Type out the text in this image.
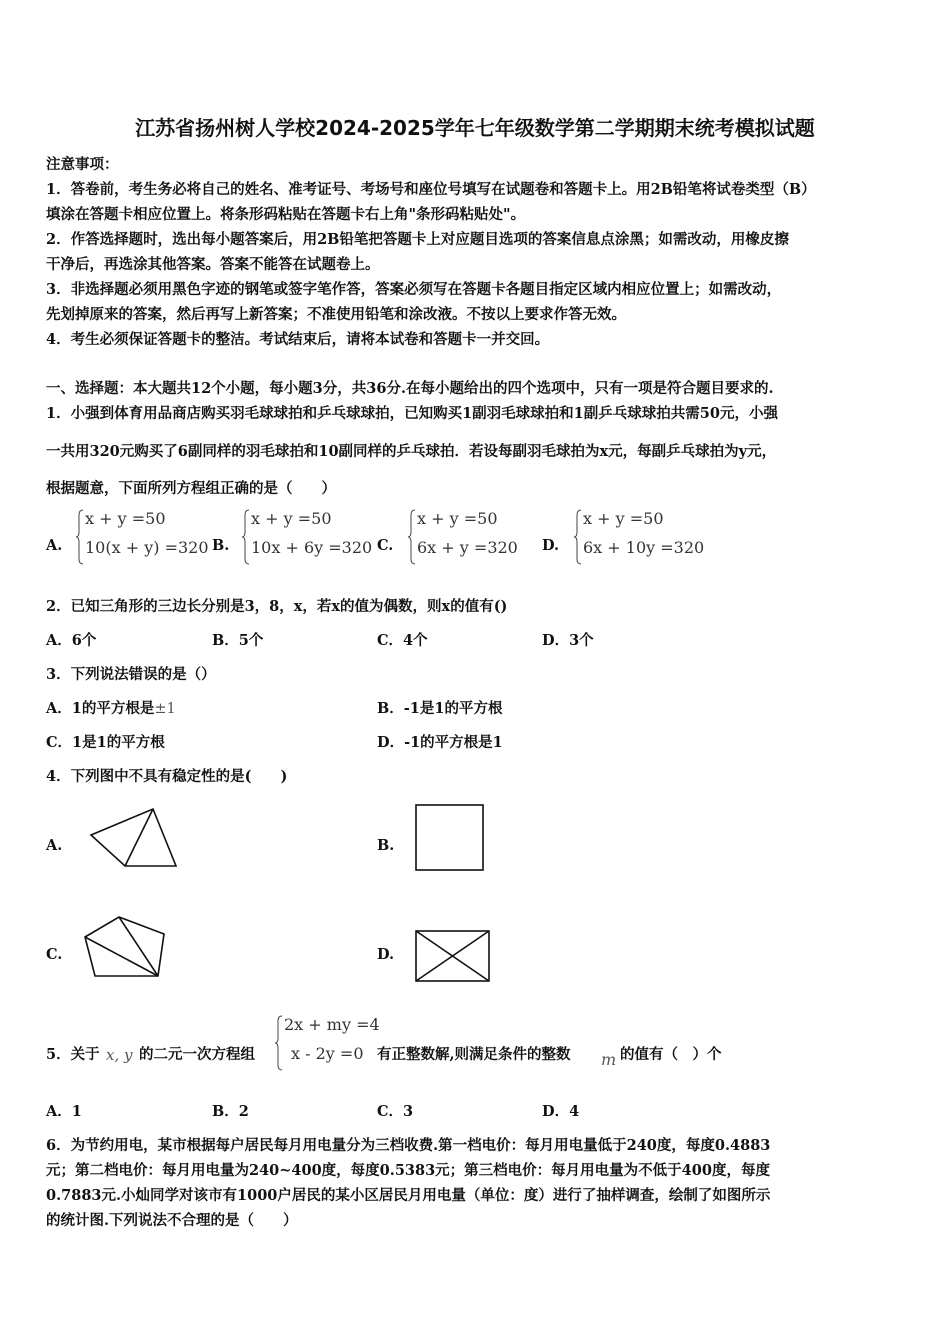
江苏省扬州树人学校2024-2025学年七年级数学第二学期期末统考模拟试题
注意事项：
1．答卷前，考生务必将自己的姓名、准考证号、考场号和座位号填写在试题卷和答题卡上。用2B铅笔将试卷类型（B）
填涂在答题卡相应位置上。将条形码粘贴在答题卡右上角"条形码粘贴处"。
2．作答选择题时，选出每小题答案后，用2B铅笔把答题卡上对应题目选项的答案信息点涂黑；如需改动，用橡皮擦
干净后，再选涂其他答案。答案不能答在试题卷上。
3．非选择题必须用黑色字迹的钢笔或签字笔作答，答案必须写在答题卡各题目指定区域内相应位置上；如需改动，
先划掉原来的答案，然后再写上新答案；不准使用铅笔和涂改液。不按以上要求作答无效。
4．考生必须保证答题卡的整洁。考试结束后，请将本试卷和答题卡一并交回。
一、选择题：本大题共12个小题，每小题3分，共36分.在每小题给出的四个选项中，只有一项是符合题目要求的.
1．小强到体育用品商店购买羽毛球球拍和乒乓球球拍，已知购买1副羽毛球球拍和1副乒乓球球拍共需50元，小强
一共用320元购买了6副同样的羽毛球拍和10副同样的乒乓球拍．若设每副羽毛球拍为x元，每副乒乓球拍为y元，
根据题意，下面所列方程组正确的是（　　）
A.
x + y =50
10(x + y) =320 B.
x + y =50
10x + 6y =320 C.
x + y =50
6x + y =320 D.
x + y =50
6x + 10y =320
2．已知三角形的三边长分别是3，8，x，若x的值为偶数，则x的值有()
A．6个	B．5个	C．4个	D．3个
3．下列说法错误的是（）
A．1的平方根是±1	B．-1是1的平方根
C．1是1的平方根	D．-1的平方根是1
4．下列图中不具有稳定性的是(　　)
A.	B.
C.	D.
5．关于 x, y 的二元一次方程组
2x + my =4
x - 2y =0 有正整数解,则满足条件的整数 m 的值有（　）个
A．1	B．2	C．3	D．4
6．为节约用电，某市根据每户居民每月用电量分为三档收费.第一档电价：每月用电量低于240度，每度0.4883
元；第二档电价：每月用电量为240~400度，每度0.5383元；第三档电价：每月用电量为不低于400度，每度
0.7883元.小灿同学对该市有1000户居民的某小区居民月用电量（单位：度）进行了抽样调查，绘制了如图所示
的统计图.下列说法不合理的是（　　）
